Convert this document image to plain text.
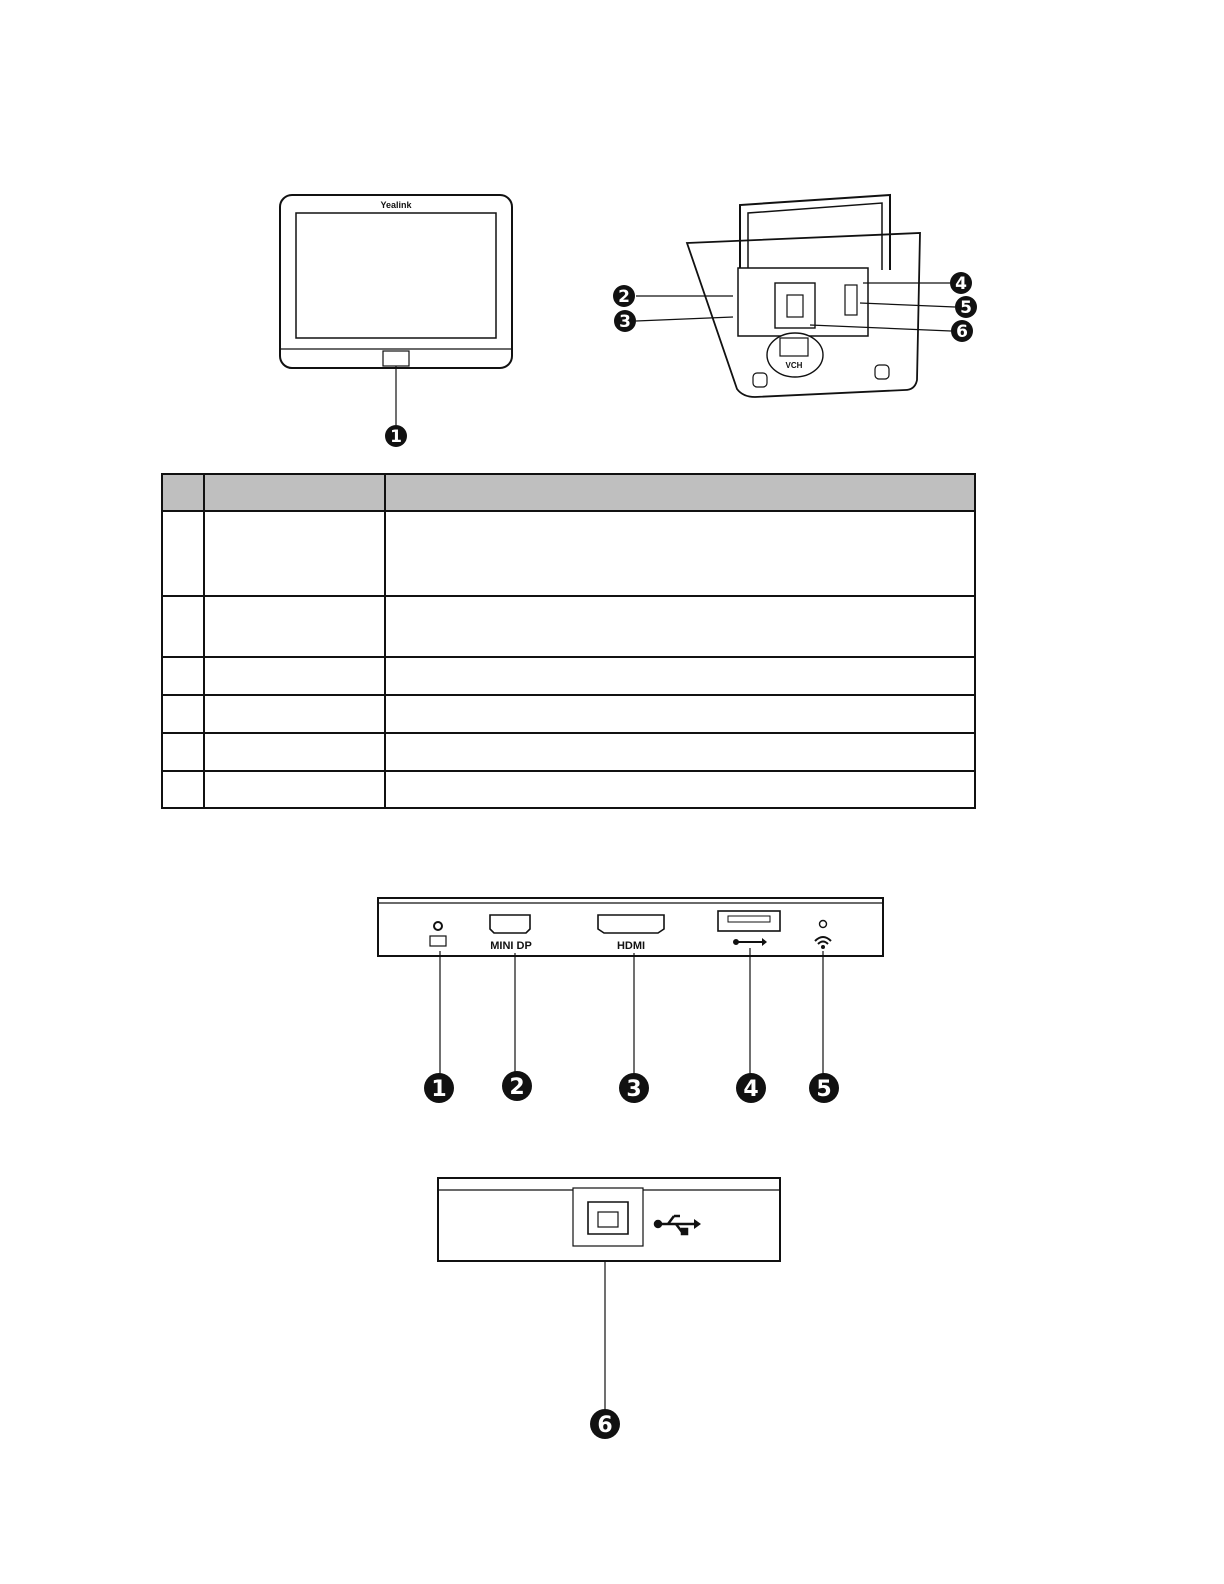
Yealink
1
VCH
2
3
4
5
6

MINI DP	HDMI
1	2	3	4	5
6
